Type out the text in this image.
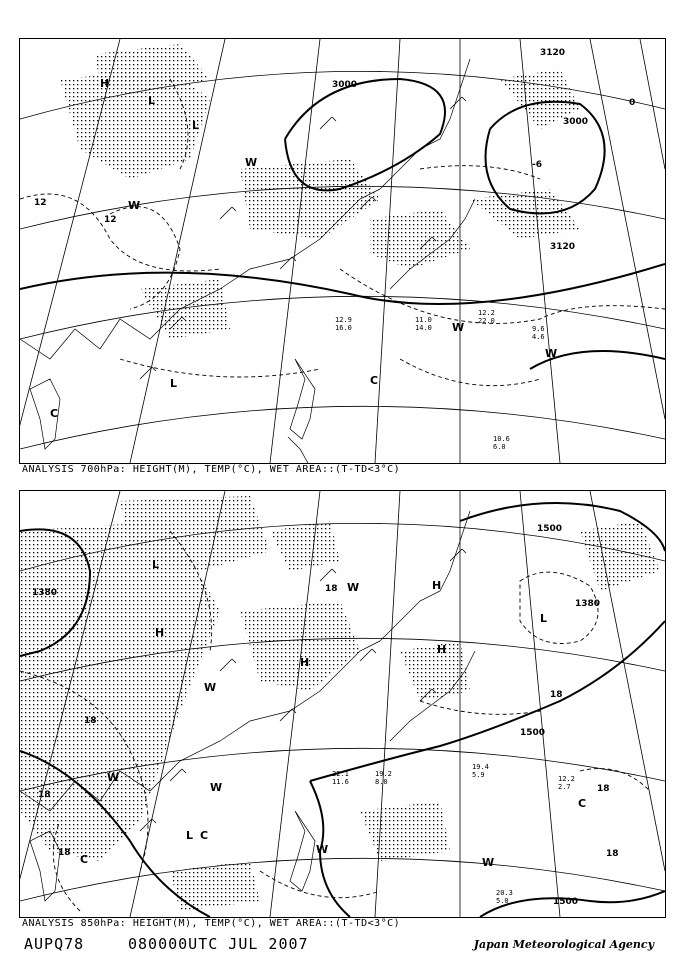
L
L
L	C
C
W
W
W
H
W
3000
3120
3000
3120
12
12
0
-6
10.6
6.0
12.2
22.0
9.6
4.6
11.0
14.0
12.9
16.0
ANALYSIS 700hPa: HEIGHT(M), TEMP(°C), WET AREA::(T-TD<3°C)
L
H
H
H
L
L C
C
C
W
W
W
W
W
W
H
1380
1500
1380
1500
1500
18
18
18
18
18
18
18
19.4
5.9	12.2
2.7
20.3
5.0
19.2
8.0
22.1
11.6
ANALYSIS 850hPa: HEIGHT(M), TEMP(°C), WET AREA::(T-TD<3°C)
AUPQ78	080000UTC JUL 2007	Japan Meteorological Agency
